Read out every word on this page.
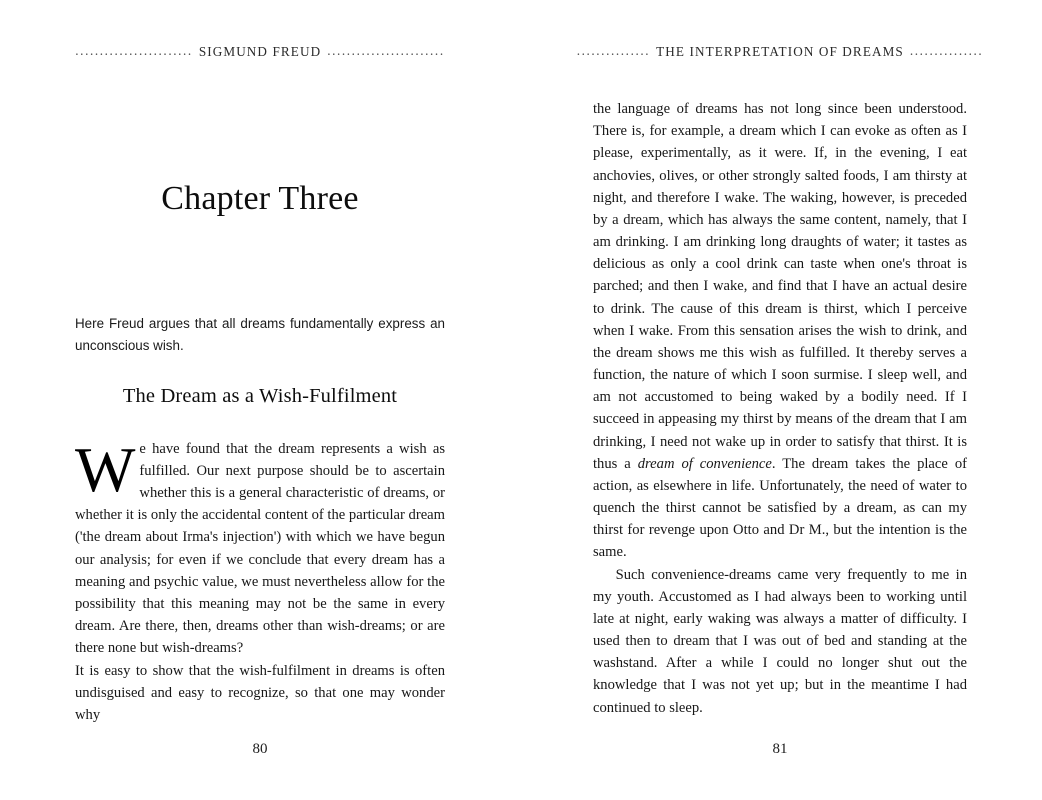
........................ SIGMUND FREUD ........................	............... THE INTERPRETATION OF DREAMS ...............
Chapter Three

Here Freud argues that all dreams fundamentally express an unconscious wish.

The Dream as a Wish-Fulfilment

We have found that the dream represents a wish as fulfilled. Our next purpose should be to ascertain whether this is a general characteristic of dreams, or whether it is only the accidental content of the particular dream ('the dream about Irma's injection') with which we have begun our analysis; for even if we conclude that every dream has a meaning and psychic value, we must nevertheless allow for the possibility that this meaning may not be the same in every dream. Are there, then, dreams other than wish-dreams; or are there none but wish-dreams?

It is easy to show that the wish-fulfilment in dreams is often undisguised and easy to recognize, so that one may wonder why

the language of dreams has not long since been understood. There is, for example, a dream which I can evoke as often as I please, experimentally, as it were. If, in the evening, I eat anchovies, olives, or other strongly salted foods, I am thirsty at night, and therefore I wake. The waking, however, is preceded by a dream, which has always the same content, namely, that I am drinking. I am drinking long draughts of water; it tastes as delicious as only a cool drink can taste when one's throat is parched; and then I wake, and find that I have an actual desire to drink. The cause of this dream is thirst, which I perceive when I wake. From this sensation arises the wish to drink, and the dream shows me this wish as fulfilled. It thereby serves a function, the nature of which I soon surmise. I sleep well, and am not accustomed to being waked by a bodily need. If I succeed in appeasing my thirst by means of the dream that I am drinking, I need not wake up in order to satisfy that thirst. It is thus a dream of convenience. The dream takes the place of action, as elsewhere in life. Unfortunately, the need of water to quench the thirst cannot be satisfied by a dream, as can my thirst for revenge upon Otto and Dr M., but the intention is the same.

Such convenience-dreams came very frequently to me in my youth. Accustomed as I had always been to working until late at night, early waking was always a matter of difficulty. I used then to dream that I was out of bed and standing at the washstand. After a while I could no longer shut out the knowledge that I was not yet up; but in the meantime I had continued to sleep.

80	81
